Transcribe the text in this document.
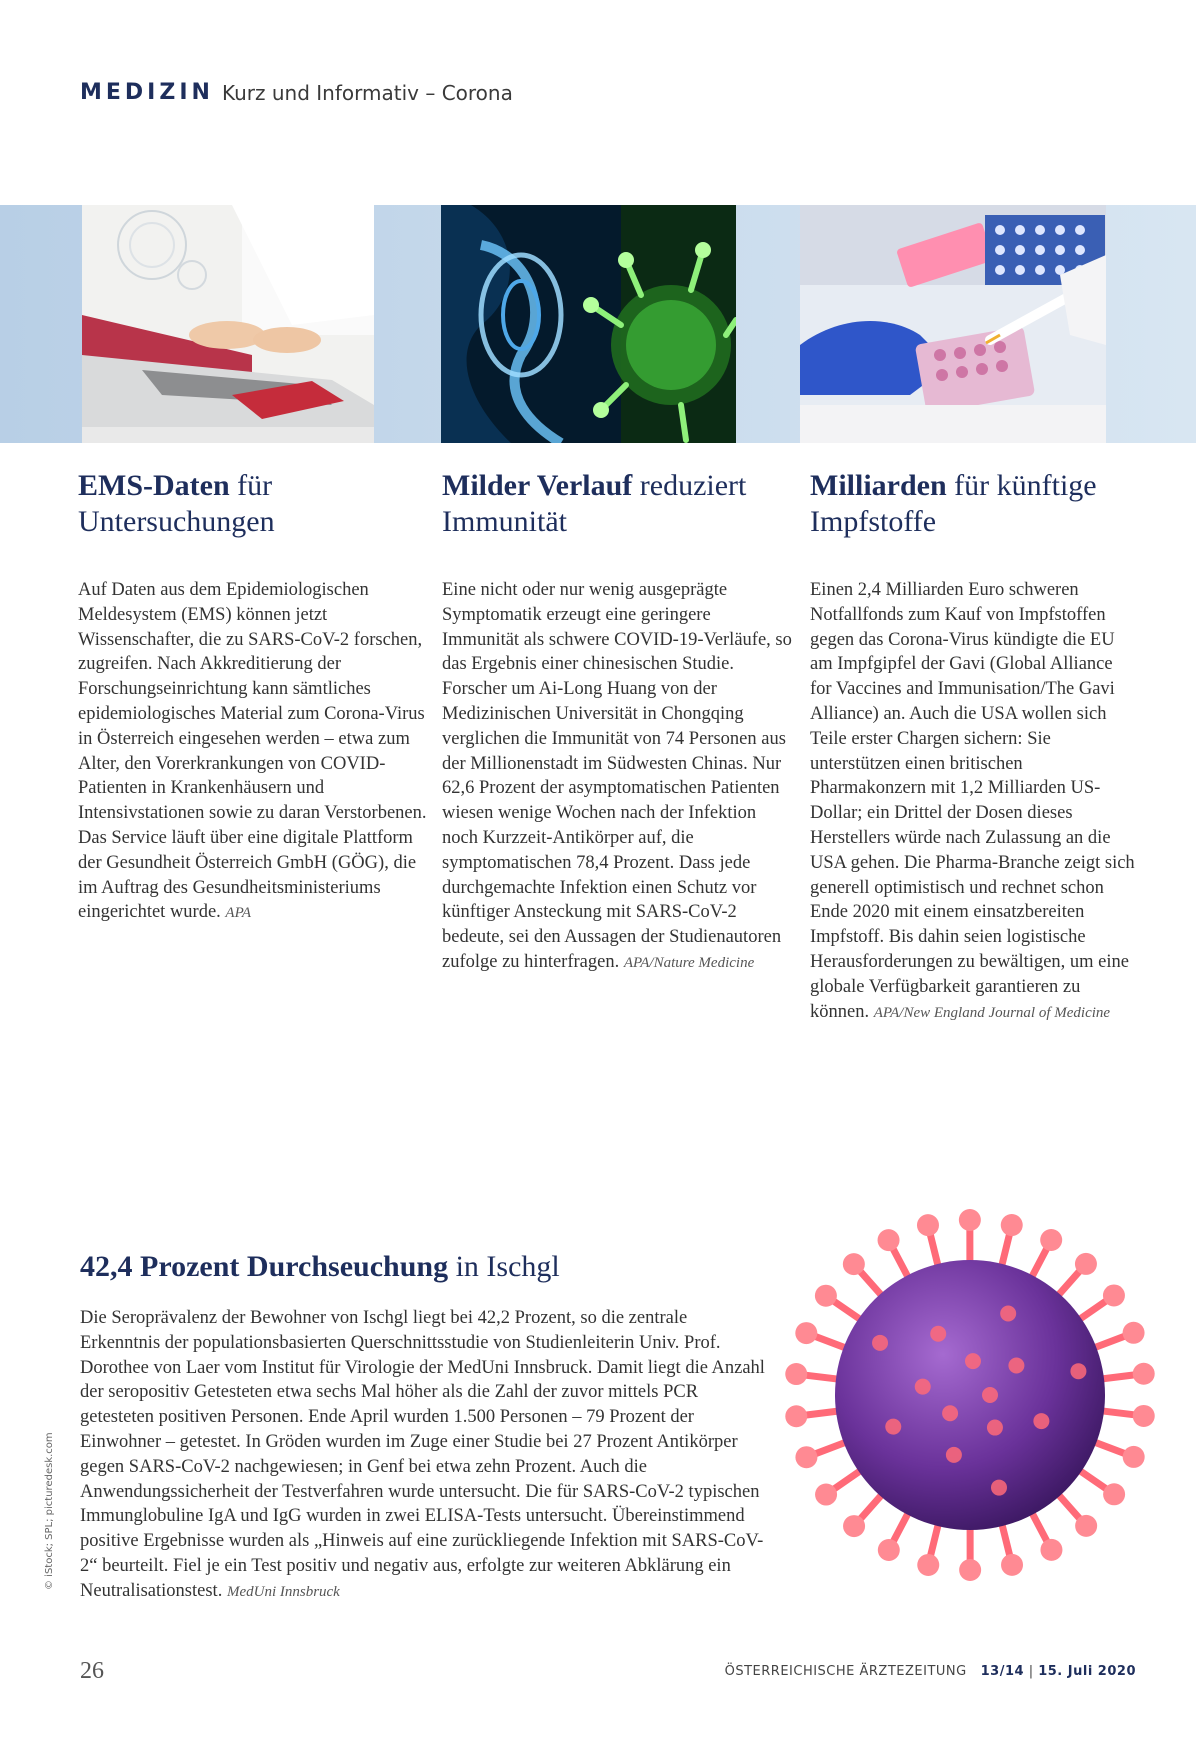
MEDIZIN Kurz und Informativ – Corona
EMS-Daten für Untersuchungen

Auf Daten aus dem Epidemiologischen Meldesystem (EMS) können jetzt Wissenschafter, die zu SARS-CoV-2 forschen, zugreifen. Nach Akkreditierung der Forschungseinrichtung kann sämtliches epidemiologisches Material zum Corona-Virus in Österreich eingesehen werden – etwa zum Alter, den Vorerkrankungen von COVID-Patienten in Krankenhäusern und Intensivstationen sowie zu daran Verstorbenen. Das Service läuft über eine digitale Plattform der Gesundheit Österreich GmbH (GÖG), die im Auftrag des Gesundheitsministeriums eingerichtet wurde. APA

Milder Verlauf reduziert Immunität

Eine nicht oder nur wenig ausgeprägte Symptomatik erzeugt eine geringere Immunität als schwere COVID-19-Verläufe, so das Ergebnis einer chinesischen Studie. Forscher um Ai-Long Huang von der Medizinischen Universität in Chongqing verglichen die Immunität von 74 Personen aus der Millionenstadt im Südwesten Chinas. Nur 62,6 Prozent der asymptomatischen Patienten wiesen wenige Wochen nach der Infektion noch Kurzzeit-Antikörper auf, die symptomatischen 78,4 Prozent. Dass jede durchgemachte Infektion einen Schutz vor künftiger Ansteckung mit SARS-CoV-2 bedeute, sei den Aussagen der Studienautoren zufolge zu hinterfragen. APA/Nature Medicine

Milliarden für künftige Impfstoffe

Einen 2,4 Milliarden Euro schweren Notfallfonds zum Kauf von Impfstoffen gegen das Corona-Virus kündigte die EU am Impfgipfel der Gavi (Global Alliance for Vaccines and Immunisation/The Gavi Alliance) an. Auch die USA wollen sich Teile erster Chargen sichern: Sie unterstützen einen britischen Pharmakonzern mit 1,2 Milliarden US-Dollar; ein Drittel der Dosen dieses Herstellers würde nach Zulassung an die USA gehen. Die Pharma-Branche zeigt sich generell optimistisch und rechnet schon Ende 2020 mit einem einsatzbereiten Impfstoff. Bis dahin seien logistische Herausforderungen zu bewältigen, um eine globale Verfügbarkeit garantieren zu können. APA/New England Journal of Medicine

42,4 Prozent Durchseuchung in Ischgl

Die Seroprävalenz der Bewohner von Ischgl liegt bei 42,2 Prozent, so die zentrale Erkenntnis der populationsbasierten Querschnittsstudie von Studienleiterin Univ. Prof. Dorothee von Laer vom Institut für Virologie der MedUni Innsbruck. Damit liegt die Anzahl der seropositiv Getesteten etwa sechs Mal höher als die Zahl der zuvor mittels PCR getesteten positiven Personen. Ende April wurden 1.500 Personen – 79 Prozent der Einwohner – getestet. In Gröden wurden im Zuge einer Studie bei 27 Prozent Antikörper gegen SARS-CoV-2 nachgewiesen; in Genf bei etwa zehn Prozent. Auch die Anwendungssicherheit der Testverfahren wurde untersucht. Die für SARS-CoV-2 typischen Immunglobuline IgA und IgG wurden in zwei ELISA-Tests untersucht. Übereinstimmend positive Ergebnisse wurden als „Hinweis auf eine zurückliegende Infektion mit SARS-CoV-2“ beurteilt. Fiel je ein Test positiv und negativ aus, erfolgte zur weiteren Abklärung ein Neutralisationstest. MedUni Innsbruck

© iStock; SPL; picturedesk.com
26	ÖSTERREICHISCHE ÄRZTEZEITUNG 13/14 | 15. Juli 2020
